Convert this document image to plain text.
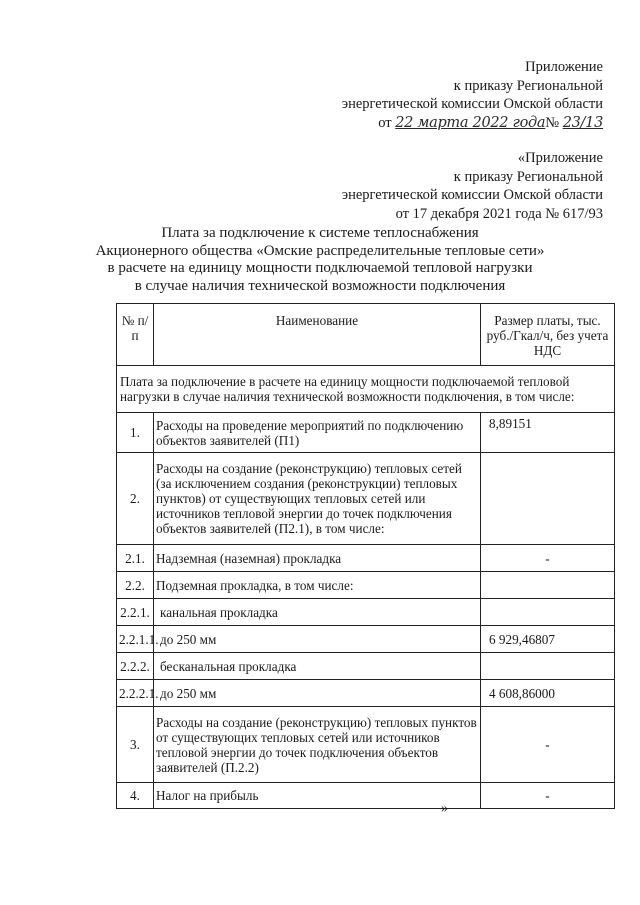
Приложение
к приказу Региональной
энергетической комиссии Омской области
от 22 марта 2022 года№ 23/13
«Приложение
к приказу Региональной
энергетической комиссии Омской области
от 17 декабря 2021 года № 617/93
Плата за подключение к системе теплоснабжения
Акционерного общества «Омские распределительные тепловые сети»
в расчете на единицу мощности подключаемой тепловой нагрузки
в случае наличия технической возможности подключения
№ п/п	Наименование	Размер платы, тыс. руб./Гкал/ч, без учета НДС
Плата за подключение в расчете на единицу мощности подключаемой тепловой нагрузки в случае наличия технической возможности подключения, в том числе:		
1.	Расходы на проведение мероприятий по подключению объектов заявителей (П1)	8,89151
2.	Расходы на создание (реконструкцию) тепловых сетей (за исключением создания (реконструкции) тепловых пунктов) от существующих тепловых сетей или источников тепловой энергии до точек подключения объектов заявителей (П2.1), в том числе:	
2.1.	Надземная (наземная) прокладка	-
2.2.	Подземная прокладка, в том числе:	
2.2.1.	канальная прокладка	
2.2.1.1.	до 250 мм	6 929,46807
2.2.2.	бесканальная прокладка	
2.2.2.1.	до 250 мм	4 608,86000
3.	Расходы на создание (реконструкцию) тепловых пунктов от существующих тепловых сетей или источников тепловой энергии до точек подключения объектов заявителей (П.2.2)	-
4.	Налог на прибыль	-
»
